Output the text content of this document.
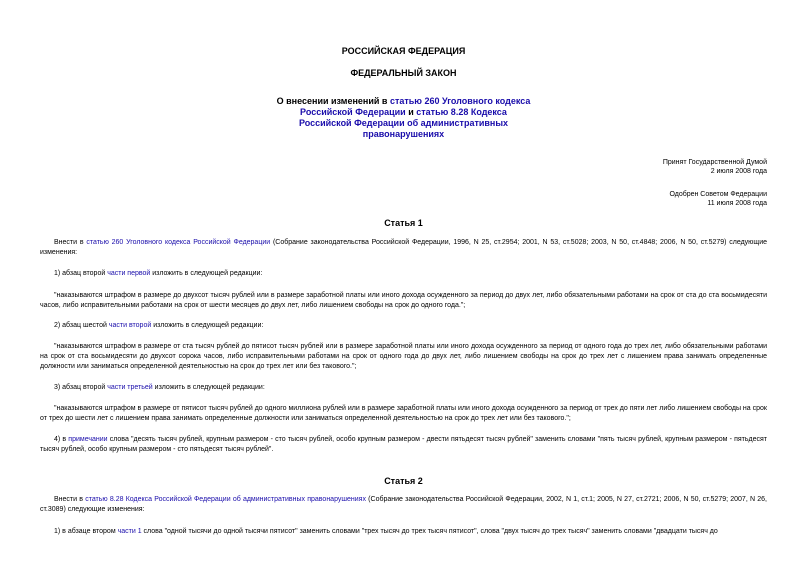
РОССИЙСКАЯ ФЕДЕРАЦИЯ
ФЕДЕРАЛЬНЫЙ ЗАКОН
О внесении изменений в статью 260 Уголовного кодекса
Российской Федерации и статью 8.28 Кодекса
Российской Федерации об административных
правонарушениях
Принят Государственной Думой
2 июля 2008 года
Одобрен Советом Федерации
11 июля 2008 года
Статья 1

Внести в статью 260 Уголовного кодекса Российской Федерации (Собрание законодательства Российской Федерации, 1996, N 25, ст.2954; 2001, N 53, ст.5028; 2003, N 50, ст.4848; 2006, N 50, ст.5279) следующие изменения:

1) абзац второй части первой изложить в следующей редакции:

"наказываются штрафом в размере до двухсот тысяч рублей или в размере заработной платы или иного дохода осужденного за период до двух лет, либо обязательными работами на срок от ста до ста восьмидесяти часов, либо исправительными работами на срок от шести месяцев до двух лет, либо лишением свободы на срок до одного года.";

2) абзац шестой части второй изложить в следующей редакции:

"наказываются штрафом в размере от ста тысяч рублей до пятисот тысяч рублей или в размере заработной платы или иного дохода осужденного за период от одного года до трех лет, либо обязательными работами на срок от ста восьмидесяти до двухсот сорока часов, либо исправительными работами на срок от одного года до двух лет, либо лишением свободы на срок до трех лет с лишением права занимать определенные должности или заниматься определенной деятельностью на срок до трех лет или без такового.";

3) абзац второй части третьей изложить в следующей редакции:

"наказываются штрафом в размере от пятисот тысяч рублей до одного миллиона рублей или в размере заработной платы или иного дохода осужденного за период от трех до пяти лет либо лишением свободы на срок от трех до шести лет с лишением права занимать определенные должности или заниматься определенной деятельностью на срок до трех лет или без такового.";

4) в примечании слова "десять тысяч рублей, крупным размером - сто тысяч рублей, особо крупным размером - двести пятьдесят тысяч рублей" заменить словами "пять тысяч рублей, крупным размером - пятьдесят тысяч рублей, особо крупным размером - сто пятьдесят тысяч рублей".

Статья 2

Внести в статью 8.28 Кодекса Российской Федерации об административных правонарушениях (Собрание законодательства Российской Федерации, 2002, N 1, ст.1; 2005, N 27, ст.2721; 2006, N 50, ст.5279; 2007, N 26, ст.3089) следующие изменения:

1) в абзаце втором части 1 слова "одной тысячи до одной тысячи пятисот" заменить словами "трех тысяч до трех тысяч пятисот", слова "двух тысяч до трех тысяч" заменить словами "двадцати тысяч до
